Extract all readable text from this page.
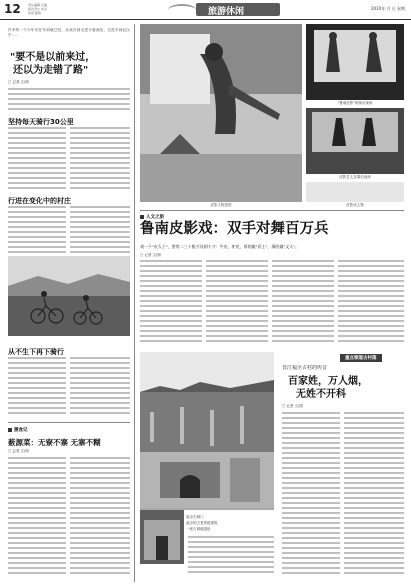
12 责任编辑 主编
版式设计 校对
电话 邮箱	旅游休闲	2010年 月 日 星期
许多的一个少年们在年前就已经，从戏台到走进小巷深处，走进乡间社区中……
"要不是以前来过，
还以为走错了路"
□ 记者 文/图
坚持每天骑行30公里
行进在变化中的村庄
从不生下再下骑行
摄食记
薮源菜：无寮不寨 无寨不糊
□ 记者 文/图
皮影人物造型
"鲁南皮影"的演出现场
皮影艺人在幕后表演
皮影戏人物
人文之旅
鲁南皮影戏：双手对舞百万兵
戏一个"皮人子"，要用二三十根刀具刻个刀：牛皮、驴皮，厚的做"武士"，薄的做"文人"。
□ 记者 文/图
重点领道古村落
福全古城门
福全的古老传统建筑
一座古城墙遗址
晋江福全古村的传音
百家姓，万人烟，
无姓不开科
□ 记者 文/图
